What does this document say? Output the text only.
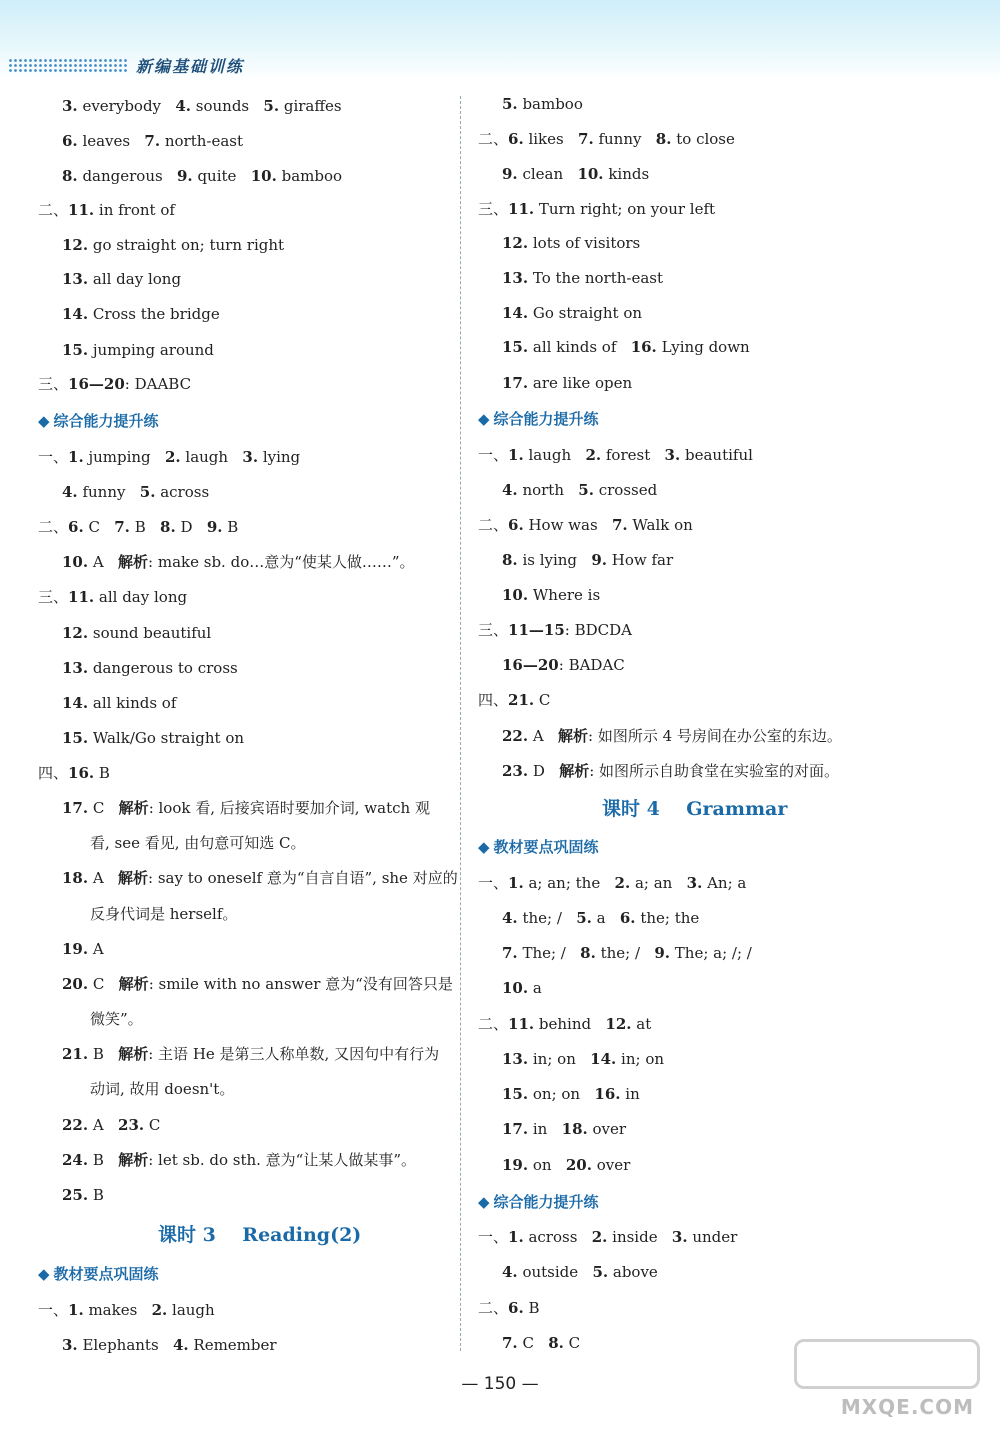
新编基础训练
3. everybody   4. sounds   5. giraffes
6. leaves   7. north-east
8. dangerous   9. quite   10. bamboo
二、11. in front of
12. go straight on; turn right
13. all day long
14. Cross the bridge
15. jumping around
三、16—20: DAABC
一、1. jumping   2. laugh   3. lying
4. funny   5. across
二、6. C   7. B   8. D   9. B
10. A   解析: make sb. do…意为“使某人做……”。
三、11. all day long
12. sound beautiful
13. dangerous to cross
14. all kinds of
15. Walk/Go straight on
四、16. B
17. C   解析: look 看, 后接宾语时要加介词, watch 观
看, see 看见, 由句意可知选 C。
18. A   解析: say to oneself 意为“自言自语”, she 对应的
反身代词是 herself。
19. A
20. C   解析: smile with no answer 意为“没有回答只是
微笑”。
21. B   解析: 主语 He 是第三人称单数, 又因句中有行为
动词, 故用 doesn't。
22. A   23. C
24. B   解析: let sb. do sth. 意为“让某人做某事”。
25. B
一、1. makes   2. laugh
3. Elephants   4. Remember
◆ 综合能力提升练
◆ 教材要点巩固练
课时 3    Reading(2)
5. bamboo
二、6. likes   7. funny   8. to close
9. clean   10. kinds
三、11. Turn right; on your left
12. lots of visitors
13. To the north-east
14. Go straight on
15. all kinds of   16. Lying down
17. are like open
一、1. laugh   2. forest   3. beautiful
4. north   5. crossed
二、6. How was   7. Walk on
8. is lying   9. How far
10. Where is
三、11—15: BDCDA
16—20: BADAC
四、21. C
22. A   解析: 如图所示 4 号房间在办公室的东边。
23. D   解析: 如图所示自助食堂在实验室的对面。
一、1. a; an; the   2. a; an   3. An; a
4. the; /   5. a   6. the; the
7. The; /   8. the; /   9. The; a; /; /
10. a
二、11. behind   12. at
13. in; on   14. in; on
15. on; on   16. in
17. in   18. over
19. on   20. over
一、1. across   2. inside   3. under
4. outside   5. above
二、6. B
7. C   8. C
◆ 综合能力提升练
◆ 教材要点巩固练
◆ 综合能力提升练
课时 4    Grammar
— 150 —
MXQE.COM
